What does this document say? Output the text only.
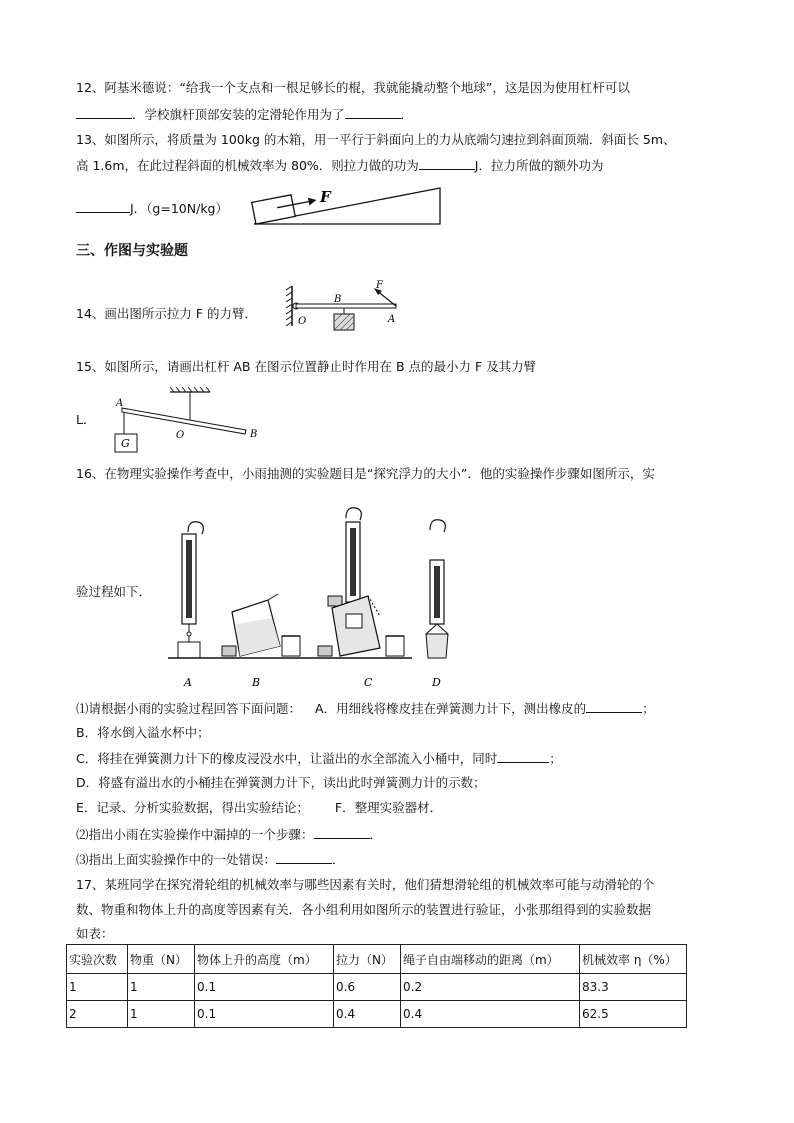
12、阿基米德说：“给我一个支点和一根足够长的棍，我就能撬动整个地球”，这是因为使用杠杆可以
．学校旗杆顶部安装的定滑轮作用为了	．
13、如图所示，将质量为 100kg 的木箱，用一平行于斜面向上的力从底端匀速拉到斜面顶端．斜面长 5m、
高 1.6m，在此过程斜面的机械效率为 80%．则拉力做的功为	J．拉力所做的额外功为
J．（g=10N/kg）
F
三、作图与实验题
14、画出图所示拉力 F 的力臂．
F
B
O	A
15、如图所示，请画出杠杆 AB 在图示位置静止时作用在 B 点的最小力 F 及其力臂
L．
G
A
O	B
16、在物理实验操作考查中，小雨抽测的实验题目是“探究浮力的大小”．他的实验操作步骤如图所示，实
验过程如下．
A	B	C	D
⑴请根据小雨的实验过程回答下面问题： A．用细线将橡皮挂在弹簧测力计下，测出橡皮的	；
B．将水倒入溢水杯中；
C．将挂在弹簧测力计下的橡皮浸没水中，让溢出的水全部流入小桶中，同时	；
D．将盛有溢出水的小桶挂在弹簧测力计下，读出此时弹簧测力计的示数；
E．记录、分析实验数据，得出实验结论； F．整理实验器材．
⑵指出小雨在实验操作中漏掉的一个步骤：	．
⑶指出上面实验操作中的一处错误：	．
17、某班同学在探究滑轮组的机械效率与哪些因素有关时，他们猜想滑轮组的机械效率可能与动滑轮的个
数、物重和物体上升的高度等因素有关．各小组利用如图所示的装置进行验证，小张那组得到的实验数据
如表：
实验次数	物重（N）	物体上升的高度（m）	拉力（N）	绳子自由端移动的距离（m）	机械效率 η（%）
1	1	0.1	0.6	0.2	83.3
2	1	0.1	0.4	0.4	62.5
